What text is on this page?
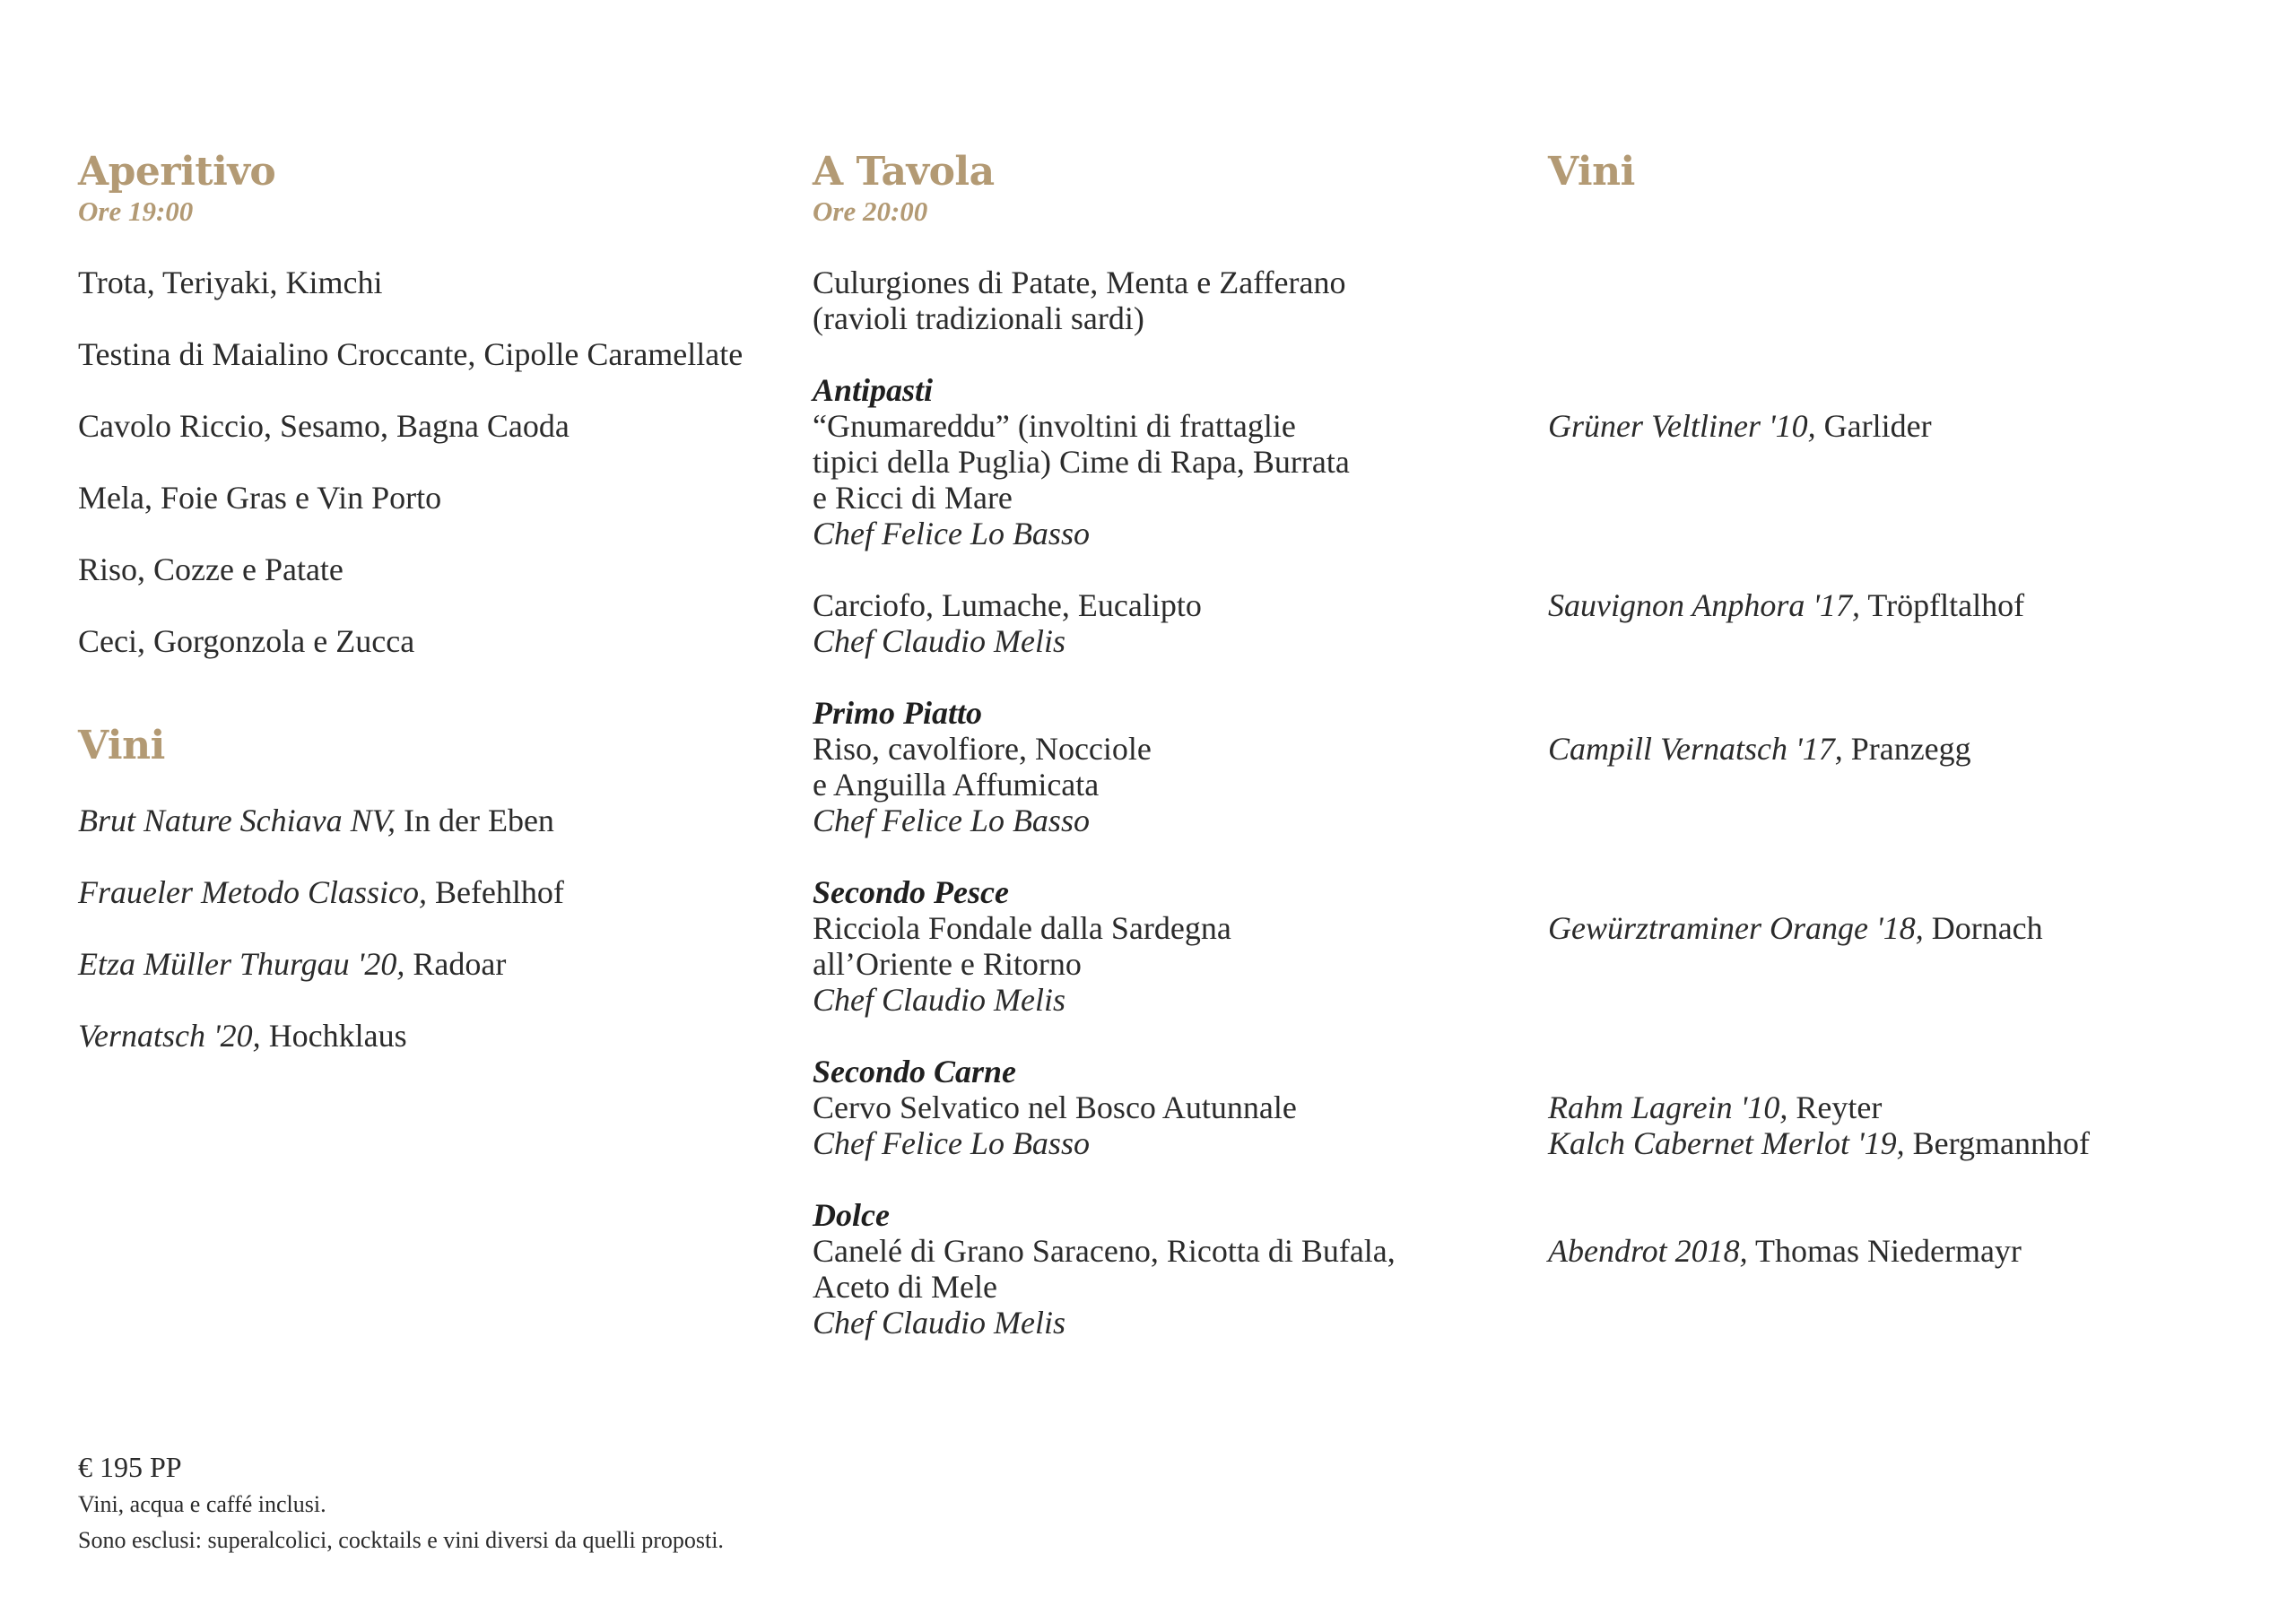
Aperitivo
Ore 19:00
Trota, Teriyaki, Kimchi
Testina di Maialino Croccante, Cipolle Caramellate
Cavolo Riccio, Sesamo, Bagna Caoda
Mela, Foie Gras e Vin Porto
Riso, Cozze e Patate
Ceci, Gorgonzola e Zucca
Vini
Brut Nature Schiava NV, In der Eben
Fraueler Metodo Classico, Befehlhof
Etza Müller Thurgau '20, Radoar
Vernatsch '20, Hochklaus
€ 195 PP
Vini, acqua e caffé inclusi.
Sono esclusi: superalcolici, cocktails e vini diversi da quelli proposti.
A Tavola
Ore 20:00
Culurgiones di Patate, Menta e Zafferano
(ravioli tradizionali sardi)
Antipasti
“Gnumareddu” (involtini di frattaglie
tipici della Puglia) Cime di Rapa, Burrata
e Ricci di Mare
Chef Felice Lo Basso
Carciofo, Lumache, Eucalipto
Chef Claudio Melis
Primo Piatto
Riso, cavolfiore, Nocciole
e Anguilla Affumicata
Chef Felice Lo Basso
Secondo Pesce
Ricciola Fondale dalla Sardegna
all’Oriente e Ritorno
Chef Claudio Melis
Secondo Carne
Cervo Selvatico nel Bosco Autunnale
Chef Felice Lo Basso
Dolce
Canelé di Grano Saraceno, Ricotta di Bufala,
Aceto di Mele
Chef Claudio Melis
Vini
Grüner Veltliner '10, Garlider
Sauvignon Anphora '17, Tröpfltalhof
Campill Vernatsch '17, Pranzegg
Gewürztraminer Orange '18, Dornach
Rahm Lagrein '10, Reyter
Kalch Cabernet Merlot '19, Bergmannhof
Abendrot 2018, Thomas Niedermayr
